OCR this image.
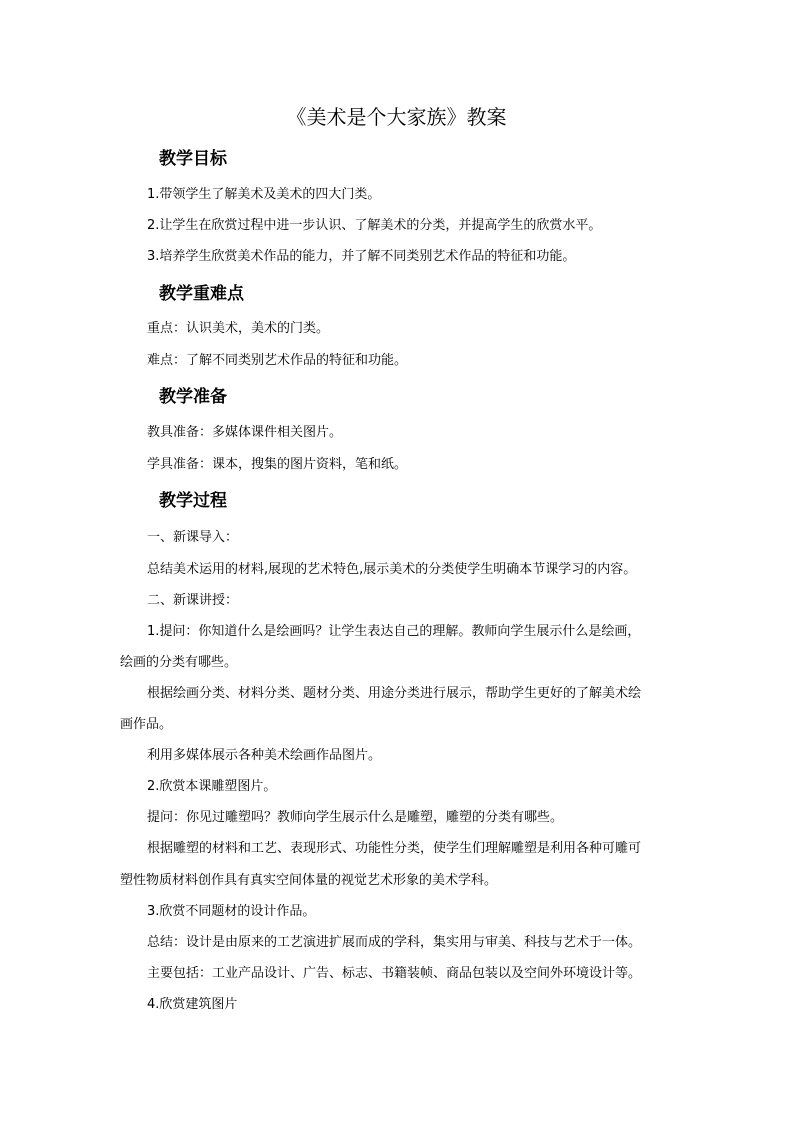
《美术是个大家族》教案
教学目标
1.带领学生了解美术及美术的四大门类。
2.让学生在欣赏过程中进一步认识、了解美术的分类，并提高学生的欣赏水平。
3.培养学生欣赏美术作品的能力，并了解不同类别艺术作品的特征和功能。
教学重难点
重点：认识美术，美术的门类。
难点：了解不同类别艺术作品的特征和功能。
教学准备
教具准备：多媒体课件相关图片。
学具准备：课本，搜集的图片资料，笔和纸。
教学过程
一、新课导入：
总结美术运用的材料,展现的艺术特色,展示美术的分类使学生明确本节课学习的内容。
二、新课讲授：
1.提问：你知道什么是绘画吗？让学生表达自己的理解。教师向学生展示什么是绘画，
绘画的分类有哪些。
根据绘画分类、材料分类、题材分类、用途分类进行展示，帮助学生更好的了解美术绘
画作品。
利用多媒体展示各种美术绘画作品图片。
2.欣赏本课雕塑图片。
提问：你见过雕塑吗？教师向学生展示什么是雕塑，雕塑的分类有哪些。
根据雕塑的材料和工艺、表现形式、功能性分类，使学生们理解雕塑是利用各种可雕可
塑性物质材料创作具有真实空间体量的视觉艺术形象的美术学科。
3.欣赏不同题材的设计作品。
总结：设计是由原来的工艺演进扩展而成的学科，集实用与审美、科技与艺术于一体。
主要包括：工业产品设计、广告、标志、书籍装帧、商品包装以及空间外环境设计等。
4.欣赏建筑图片
